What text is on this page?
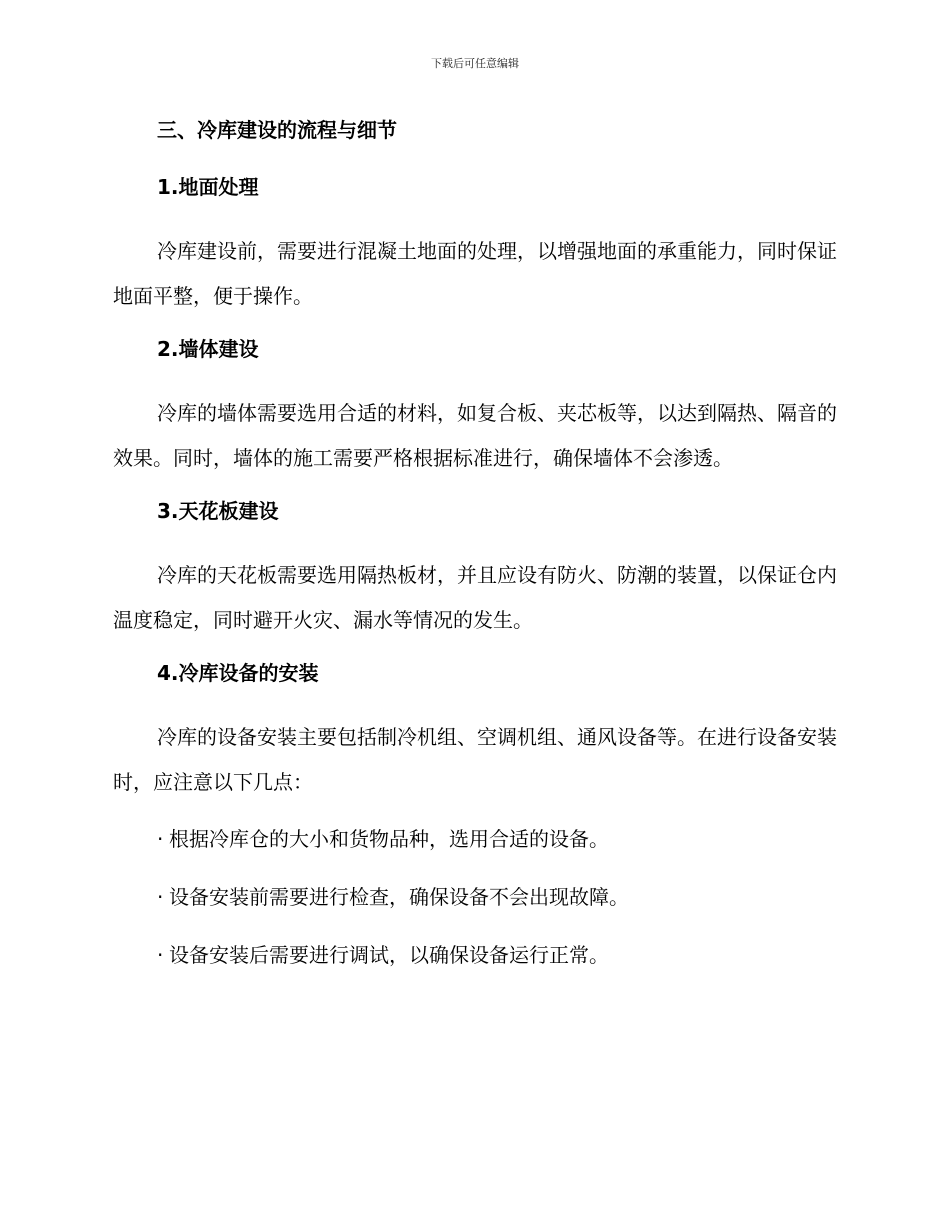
下载后可任意编辑

三、冷库建设的流程与细节

1.地面处理

冷库建设前，需要进行混凝土地面的处理，以增强地面的承重能力，同时保证地面平整，便于操作。

2.墙体建设

冷库的墙体需要选用合适的材料，如复合板、夹芯板等，以达到隔热、隔音的效果。同时，墙体的施工需要严格根据标准进行，确保墙体不会渗透。

3.天花板建设

冷库的天花板需要选用隔热板材，并且应设有防火、防潮的装置，以保证仓内温度稳定，同时避开火灾、漏水等情况的发生。

4.冷库设备的安装

冷库的设备安装主要包括制冷机组、空调机组、通风设备等。在进行设备安装时，应注意以下几点：

· 根据冷库仓的大小和货物品种，选用合适的设备。

· 设备安装前需要进行检查，确保设备不会出现故障。

· 设备安装后需要进行调试，以确保设备运行正常。
